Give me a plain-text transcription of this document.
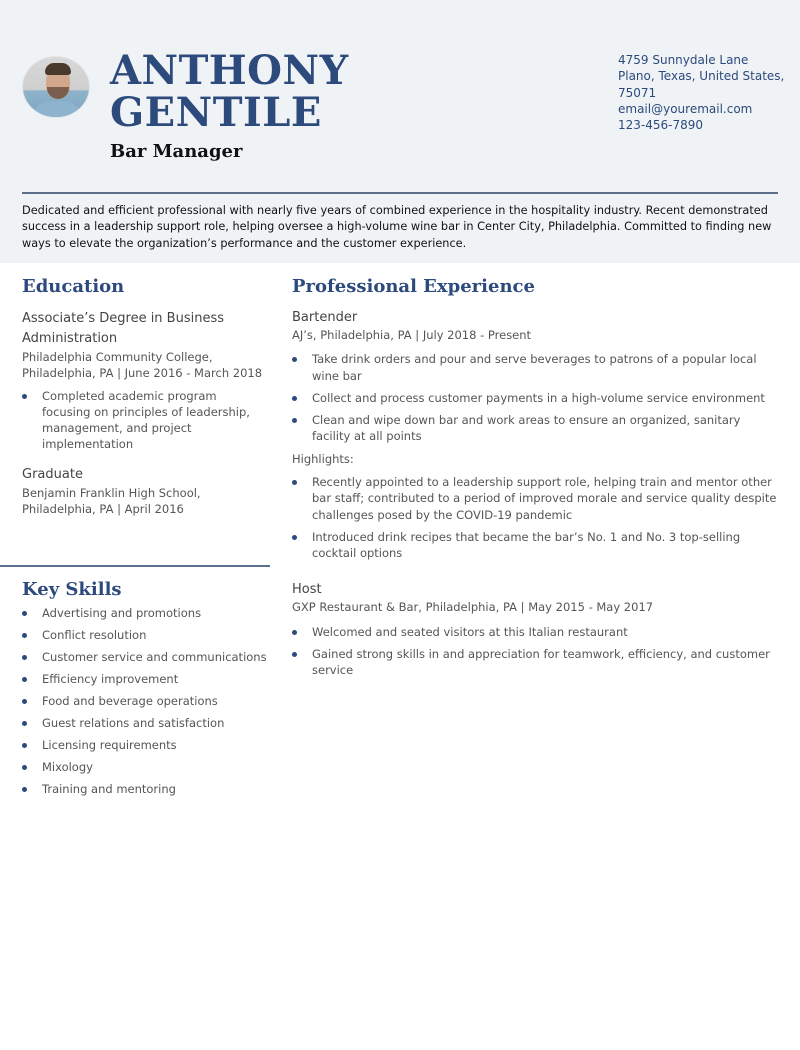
ANTHONY
GENTILE
Bar Manager
4759 Sunnydale Lane
Plano, Texas, United States,
75071
email@youremail.com
123-456-7890

Dedicated and efficient professional with nearly five years of combined experience in the hospitality industry. Recent demonstrated success in a leadership support role, helping oversee a high-volume wine bar in Center City, Philadelphia. Committed to finding new ways to elevate the organization’s performance and the customer experience.

Education
Associate’s Degree in Business Administration
Philadelphia Community College,
Philadelphia, PA | June 2016 - March 2018
Completed academic program focusing on principles of leadership, management, and project implementation
Graduate
Benjamin Franklin High School,
Philadelphia, PA | April 2016
Key Skills
Advertising and promotions
Conflict resolution
Customer service and communications
Efficiency improvement
Food and beverage operations
Guest relations and satisfaction
Licensing requirements
Mixology
Training and mentoring
Professional Experience
Bartender
AJ’s, Philadelphia, PA | July 2018 - Present
Take drink orders and pour and serve beverages to patrons of a popular local wine bar
Collect and process customer payments in a high-volume service environment
Clean and wipe down bar and work areas to ensure an organized, sanitary facility at all points
Highlights:
Recently appointed to a leadership support role, helping train and mentor other bar staff; contributed to a period of improved morale and service quality despite challenges posed by the COVID-19 pandemic
Introduced drink recipes that became the bar’s No. 1 and No. 3 top-selling cocktail options
Host
GXP Restaurant & Bar, Philadelphia, PA | May 2015 - May 2017
Welcomed and seated visitors at this Italian restaurant
Gained strong skills in and appreciation for teamwork, efficiency, and customer service
